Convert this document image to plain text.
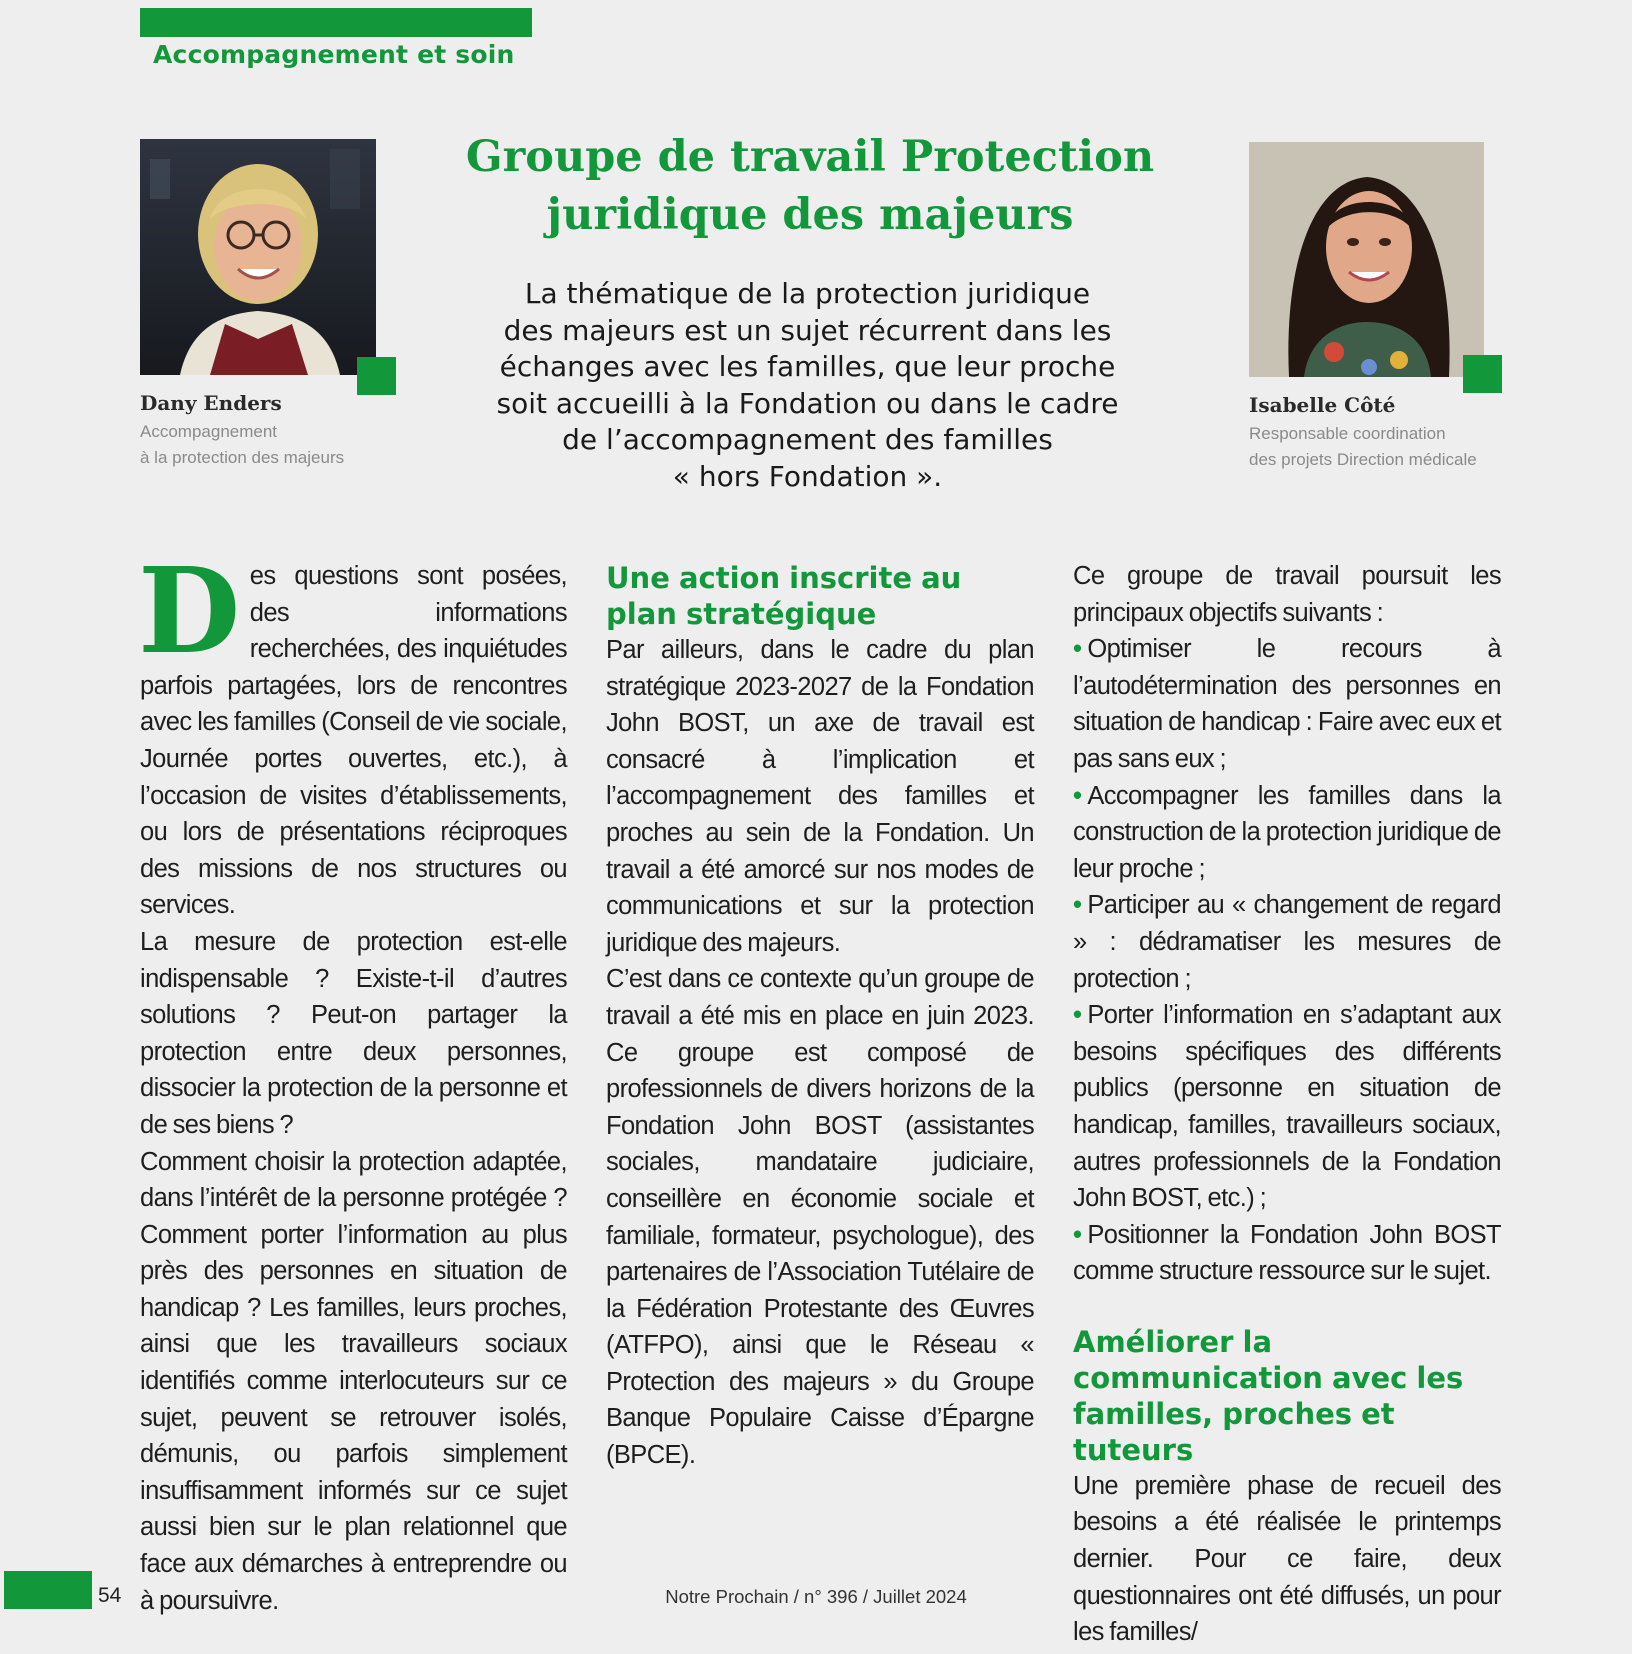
Accompagnement et soin
Dany Enders
Accompagnement
à la protection des majeurs
Isabelle Côté
Responsable coordination
des projets Direction médicale
Groupe de travail Protection
juridique des majeurs
La thématique de la protection juridique
des majeurs est un sujet récurrent dans les
échanges avec les familles, que leur proche
soit accueilli à la Fondation ou dans le cadre
de l’accompagnement des familles
« hors Fondation ».
D es questions sont posées, des informations recherchées, des inquiétudes parfois partagées, lors de rencontres avec les familles (Conseil de vie sociale, Journée portes ouvertes, etc.), à l’occasion de visites d’établissements, ou lors de présentations réciproques des missions de nos structures ou services.

La mesure de protection est-elle indispensable ? Existe-t-il d’autres solutions ? Peut-on partager la protection entre deux personnes, dissocier la protection de la personne et de ses biens ?

Comment choisir la protection adaptée, dans l’intérêt de la personne protégée ? Comment porter l’information au plus près des personnes en situation de handicap ? Les familles, leurs proches, ainsi que les travailleurs sociaux identifiés comme interlocuteurs sur ce sujet, peuvent se retrouver isolés, démunis, ou parfois simplement insuffisamment informés sur ce sujet aussi bien sur le plan relationnel que face aux démarches à entreprendre ou à poursuivre.

Une action inscrite au plan stratégique

Par ailleurs, dans le cadre du plan stratégique 2023-2027 de la Fondation John BOST, un axe de travail est consacré à l’implication et l’accompagnement des familles et proches au sein de la Fondation. Un travail a été amorcé sur nos modes de communications et sur la protection juridique des majeurs.

C’est dans ce contexte qu’un groupe de travail a été mis en place en juin 2023. Ce groupe est composé de professionnels de divers horizons de la Fondation John BOST (assistantes sociales, mandataire judiciaire, conseillère en économie sociale et familiale, formateur, psychologue), des partenaires de l’Association Tutélaire de la Fédération Protestante des Œuvres (ATFPO), ainsi que le Réseau « Protection des majeurs » du Groupe Banque Populaire Caisse d’Épargne (BPCE).

Ce groupe de travail poursuit les principaux objectifs suivants :

• Optimiser le recours à l’autodétermination des personnes en situation de handicap : Faire avec eux et pas sans eux ;

• Accompagner les familles dans la construction de la protection juridique de leur proche ;

• Participer au « changement de regard » : dédramatiser les mesures de protection ;

• Porter l’information en s’adaptant aux besoins spécifiques des différents publics (personne en situation de handicap, familles, travailleurs sociaux, autres professionnels de la Fondation John BOST, etc.) ;

• Positionner la Fondation John BOST comme structure ressource sur le sujet.

Améliorer la communication avec les familles, proches et tuteurs

Une première phase de recueil des besoins a été réalisée le printemps dernier. Pour ce faire, deux questionnaires ont été diffusés, un pour les familles/

54	Notre Prochain / n° 396 / Juillet 2024
